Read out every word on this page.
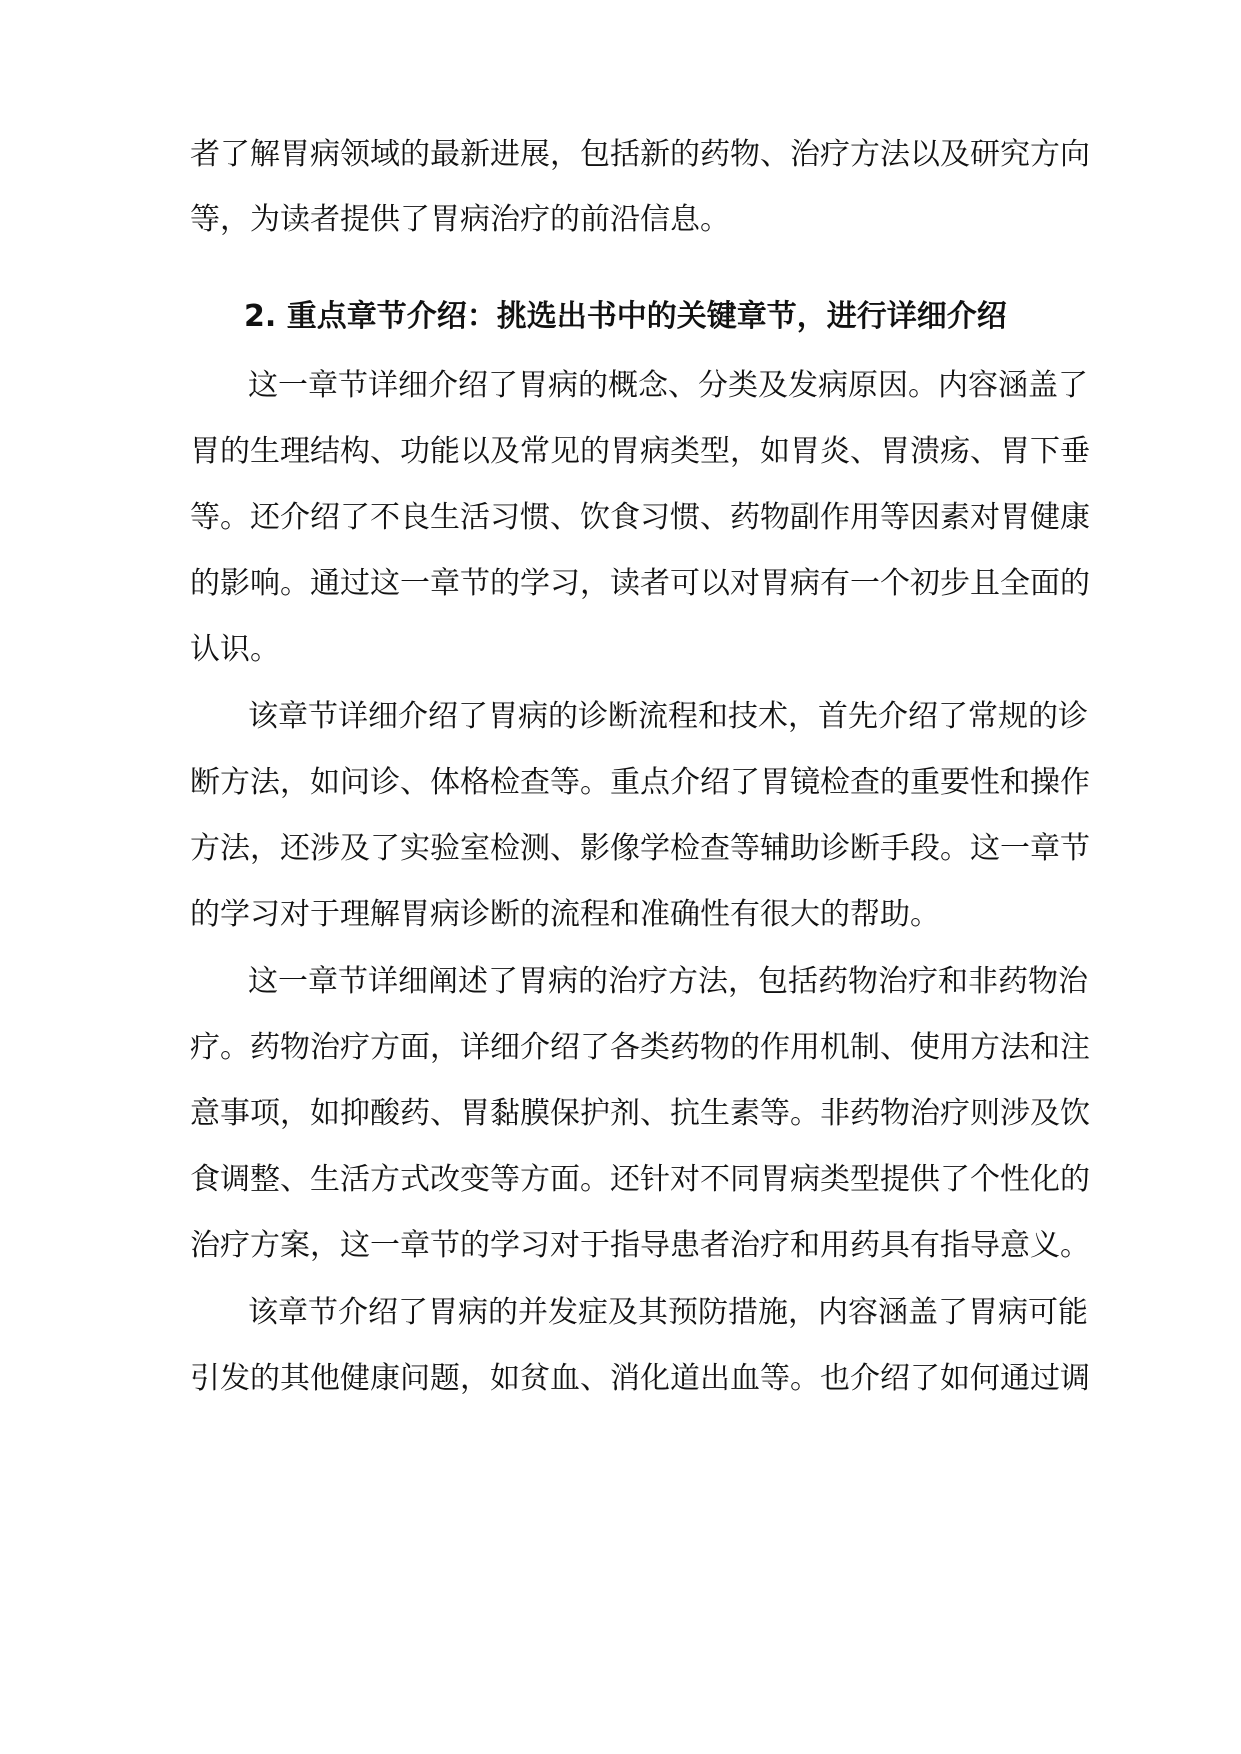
者了解胃病领域的最新进展，包括新的药物、治疗方法以及研究方向
等，为读者提供了胃病治疗的前沿信息。
2. 重点章节介绍：挑选出书中的关键章节，进行详细介绍
这一章节详细介绍了胃病的概念、分类及发病原因。内容涵盖了
胃的生理结构、功能以及常见的胃病类型，如胃炎、胃溃疡、胃下垂
等。还介绍了不良生活习惯、饮食习惯、药物副作用等因素对胃健康
的影响。通过这一章节的学习，读者可以对胃病有一个初步且全面的
认识。
该章节详细介绍了胃病的诊断流程和技术，首先介绍了常规的诊
断方法，如问诊、体格检查等。重点介绍了胃镜检查的重要性和操作
方法，还涉及了实验室检测、影像学检查等辅助诊断手段。这一章节
的学习对于理解胃病诊断的流程和准确性有很大的帮助。
这一章节详细阐述了胃病的治疗方法，包括药物治疗和非药物治
疗。药物治疗方面，详细介绍了各类药物的作用机制、使用方法和注
意事项，如抑酸药、胃黏膜保护剂、抗生素等。非药物治疗则涉及饮
食调整、生活方式改变等方面。还针对不同胃病类型提供了个性化的
治疗方案，这一章节的学习对于指导患者治疗和用药具有指导意义。
该章节介绍了胃病的并发症及其预防措施，内容涵盖了胃病可能
引发的其他健康问题，如贫血、消化道出血等。也介绍了如何通过调
